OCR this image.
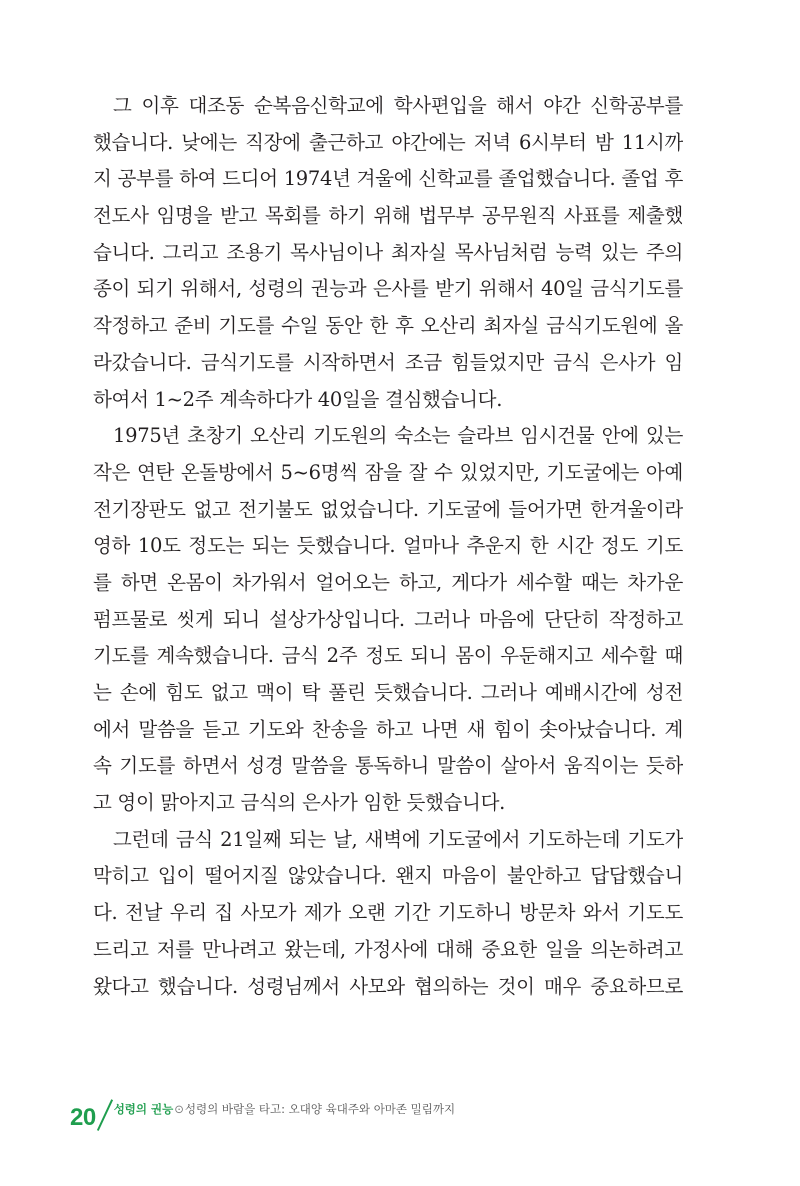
그 이후 대조동 순복음신학교에 학사편입을 해서 야간 신학공부를
했습니다. 낮에는 직장에 출근하고 야간에는 저녁 6시부터 밤 11시까
지 공부를 하여 드디어 1974년 겨울에 신학교를 졸업했습니다. 졸업 후
전도사 임명을 받고 목회를 하기 위해 법무부 공무원직 사표를 제출했
습니다. 그리고 조용기 목사님이나 최자실 목사님처럼 능력 있는 주의
종이 되기 위해서, 성령의 권능과 은사를 받기 위해서 40일 금식기도를
작정하고 준비 기도를 수일 동안 한 후 오산리 최자실 금식기도원에 올
라갔습니다. 금식기도를 시작하면서 조금 힘들었지만 금식 은사가 임
하여서 1~2주 계속하다가 40일을 결심했습니다.
1975년 초창기 오산리 기도원의 숙소는 슬라브 임시건물 안에 있는
작은 연탄 온돌방에서 5~6명씩 잠을 잘 수 있었지만, 기도굴에는 아예
전기장판도 없고 전기불도 없었습니다. 기도굴에 들어가면 한겨울이라
영하 10도 정도는 되는 듯했습니다. 얼마나 추운지 한 시간 정도 기도
를 하면 온몸이 차가워서 얼어오는 하고, 게다가 세수할 때는 차가운
펌프물로 씻게 되니 설상가상입니다. 그러나 마음에 단단히 작정하고
기도를 계속했습니다. 금식 2주 정도 되니 몸이 우둔해지고 세수할 때
는 손에 힘도 없고 맥이 탁 풀린 듯했습니다. 그러나 예배시간에 성전
에서 말씀을 듣고 기도와 찬송을 하고 나면 새 힘이 솟아났습니다. 계
속 기도를 하면서 성경 말씀을 통독하니 말씀이 살아서 움직이는 듯하
고 영이 맑아지고 금식의 은사가 임한 듯했습니다.
그런데 금식 21일째 되는 날, 새벽에 기도굴에서 기도하는데 기도가
막히고 입이 떨어지질 않았습니다. 왠지 마음이 불안하고 답답했습니
다. 전날 우리 집 사모가 제가 오랜 기간 기도하니 방문차 와서 기도도
드리고 저를 만나려고 왔는데, 가정사에 대해 중요한 일을 의논하려고
왔다고 했습니다. 성령님께서 사모와 협의하는 것이 매우 중요하므로
20 성령의 권능⊙성령의 바람을 타고: 오대양 육대주와 아마존 밀림까지
